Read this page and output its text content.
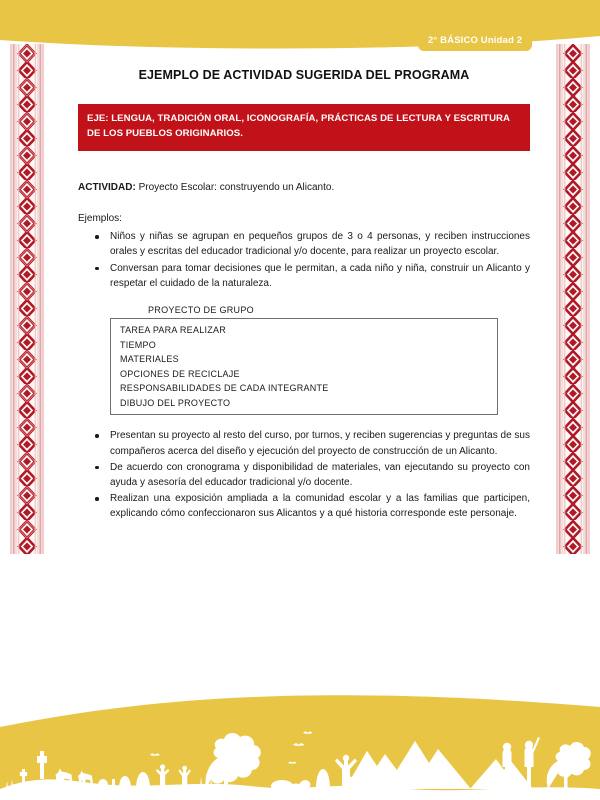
2° BÁSICO Unidad 2
EJEMPLO DE ACTIVIDAD SUGERIDA DEL PROGRAMA
EJE: LENGUA, TRADICIÓN ORAL, ICONOGRAFÍA, PRÁCTICAS DE LECTURA Y ESCRITURA DE LOS PUEBLOS ORIGINARIOS.
ACTIVIDAD: Proyecto Escolar: construyendo un Alicanto.
Ejemplos:
Niños y niñas se agrupan en pequeños grupos de 3 o 4 personas, y reciben instrucciones orales y escritas del educador tradicional y/o docente, para realizar un proyecto escolar.
Conversan para tomar decisiones que le permitan, a cada niño y niña, construir un Alicanto y respetar el cuidado de la naturaleza.
PROYECTO DE GRUPO
TAREA PARA REALIZAR
TIEMPO
MATERIALES
OPCIONES DE RECICLAJE
RESPONSABILIDADES DE CADA INTEGRANTE
DIBUJO DEL PROYECTO
Presentan su proyecto al resto del curso, por turnos, y reciben sugerencias y preguntas de sus compañeros acerca del diseño y ejecución del proyecto de construcción de un Alicanto.
De acuerdo con cronograma y disponibilidad de materiales, van ejecutando su proyecto con ayuda y asesoría del educador tradicional y/o docente.
Realizan una exposición ampliada a la comunidad escolar y a las familias que participen, explicando cómo confeccionaron sus Alicantos y a qué historia corresponde este personaje.
